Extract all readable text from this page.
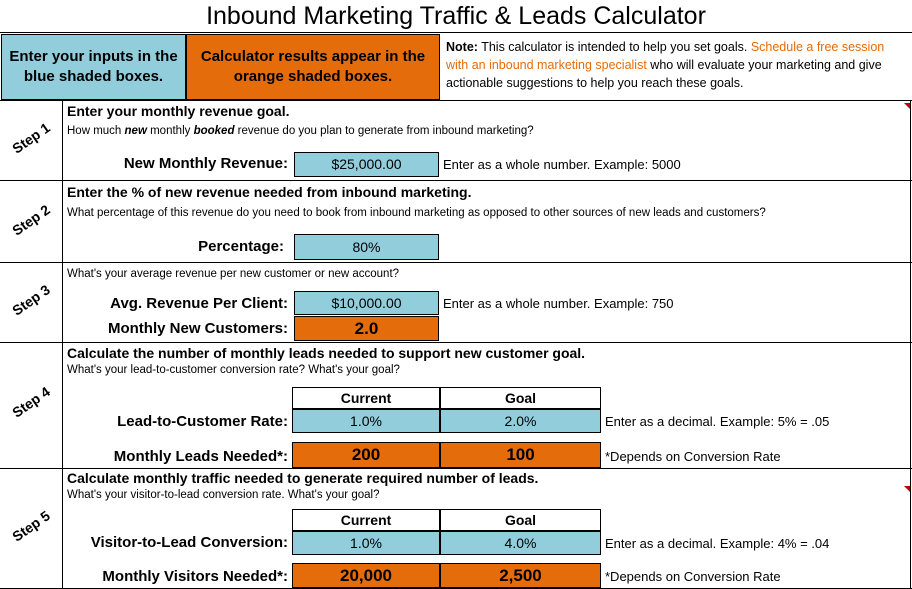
Inbound Marketing Traffic & Leads Calculator
Enter your inputs in the blue shaded boxes.
Calculator results appear in the orange shaded boxes.
Note: This calculator is intended to help you set goals. Schedule a free session with an inbound marketing specialist who will evaluate your marketing and give actionable suggestions to help you reach these goals.
Step 1
Enter your monthly revenue goal.
How much new monthly booked revenue do you plan to generate from inbound marketing?
New Monthly Revenue:	$25,000.00	Enter as a whole number. Example: 5000
Step 2
Enter the % of new revenue needed from inbound marketing.
What percentage of this revenue do you need to book from inbound marketing as opposed to other sources of new leads and customers?
Percentage:	80%
Step 3
What's your average revenue per new customer or new account?
Avg. Revenue Per Client:	$10,000.00	Enter as a whole number. Example: 750
Monthly New Customers:	2.0
Step 4
Calculate the number of monthly leads needed to support new customer goal.
What's your lead-to-customer conversion rate? What's your goal?
Current	Goal
Lead-to-Customer Rate:	1.0%	2.0%	Enter as a decimal. Example: 5% = .05
Monthly Leads Needed*:	200	100	*Depends on Conversion Rate
Step 5
Calculate monthly traffic needed to generate required number of leads.
What's your visitor-to-lead conversion rate. What's your goal?
Current	Goal
Visitor-to-Lead Conversion:	1.0%	4.0%	Enter as a decimal. Example: 4% = .04
Monthly Visitors Needed*:	20,000	2,500	*Depends on Conversion Rate
